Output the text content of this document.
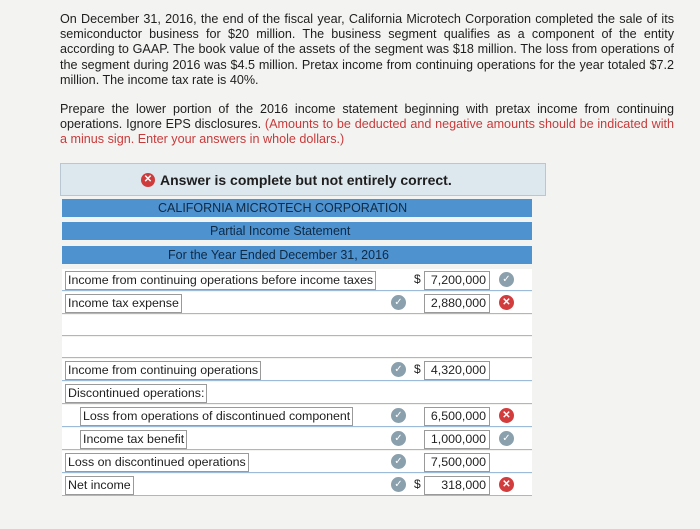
On December 31, 2016, the end of the fiscal year, California Microtech Corporation completed the sale of its semiconductor business for $20 million. The business segment qualifies as a component of the entity according to GAAP. The book value of the assets of the segment was $18 million. The loss from operations of the segment during 2016 was $4.5 million. Pretax income from continuing operations for the year totaled $7.2 million. The income tax rate is 40%.
Prepare the lower portion of the 2016 income statement beginning with pretax income from continuing operations. Ignore EPS disclosures. (Amounts to be deducted and negative amounts should be indicated with a minus sign. Enter your answers in whole dollars.)
✕ Answer is complete but not entirely correct.
CALIFORNIA MICROTECH CORPORATION
Partial Income Statement
For the Year Ended December 31, 2016
Income from continuing operations before income taxes	$ 7,200,000	✓
Income tax expense	✓	2,880,000	✕
Income from continuing operations	✓ $ 4,320,000
Discontinued operations:
Loss from operations of discontinued component	✓	6,500,000	✕
Income tax benefit	✓	1,000,000	✓
Loss on discontinued operations	✓	7,500,000
Net income	✓ $	318,000	✕
